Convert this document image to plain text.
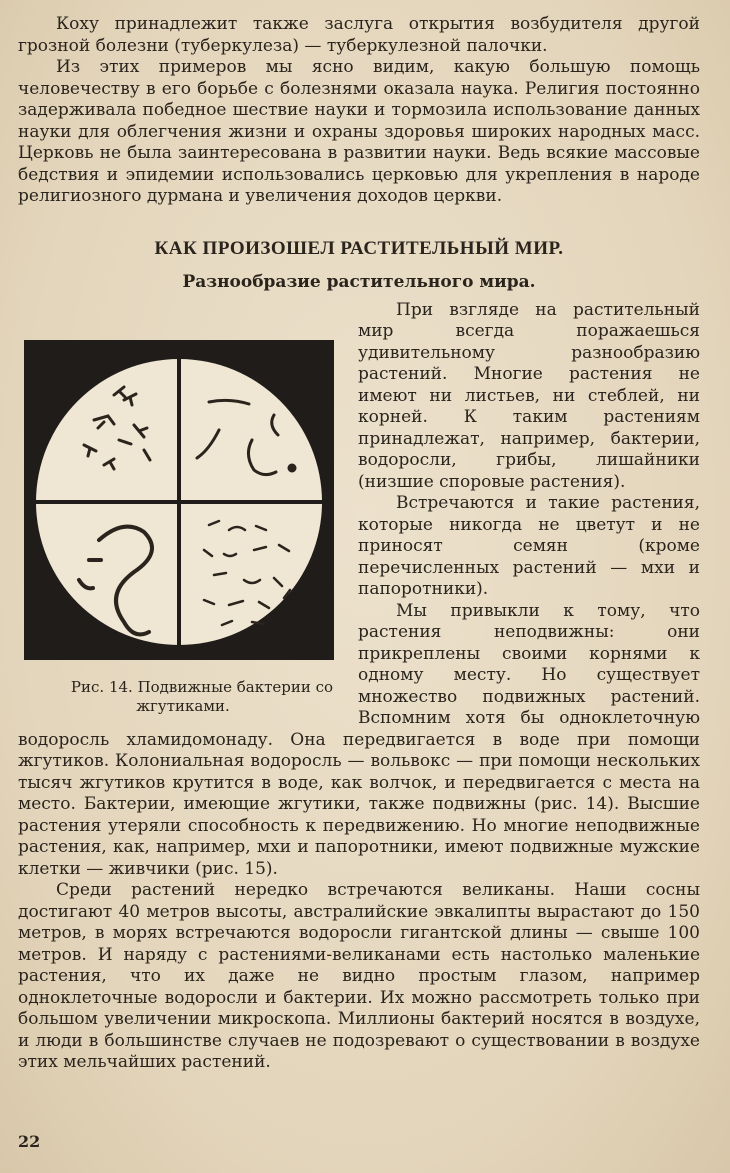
Коху принадлежит также заслуга открытия возбудителя другой грозной болезни (туберкулеза) — туберкулезной палочки.

Из этих примеров мы ясно видим, какую большую помощь человечеству в его борьбе с болезнями оказала наука. Религия постоянно задерживала победное шествие науки и тормозила использование данных науки для облегчения жизни и охраны здоровья широких народных масс. Церковь не была заинтересована в развитии науки. Ведь всякие массовые бедствия и эпидемии использовались церковью для укрепления в народе религиозного дурмана и увеличения доходов церкви.

КАК ПРОИЗОШЕЛ РАСТИТЕЛЬНЫЙ МИР.
Разнообразие растительного мира.

Рис. 14. Подвижные бактерии со жгутиками.
При взгляде на растительный мир всегда поражаешься удивительному разнообразию растений. Многие растения не имеют ни листьев, ни стеблей, ни корней. К таким растениям принадлежат, например, бактерии, водоросли, грибы, лишайники (низшие споровые растения).

Встречаются и такие растения, которые никогда не цветут и не приносят семян (кроме перечисленных растений — мхи и папоротники).

Мы привыкли к тому, что растения неподвижны: они прикреплены своими корнями к одному месту. Но существует множество подвижных растений. Вспомним хотя бы одноклеточную водоросль хламидомонаду. Она передвигается в воде при помощи жгутиков. Колониальная водоросль — вольвокс — при помощи нескольких тысяч жгутиков крутится в воде, как волчок, и передвигается с места на место. Бактерии, имеющие жгутики, также подвижны (рис. 14). Высшие растения утеряли способность к передвижению. Но многие неподвижные растения, как, например, мхи и папоротники, имеют подвижные мужские клетки — живчики (рис. 15).

Среди растений нередко встречаются великаны. Наши сосны достигают 40 метров высоты, австралийские эвкалипты вырастают до 150 метров, в морях встречаются водоросли гигантской длины — свыше 100 метров. И наряду с растениями-великанами есть настолько маленькие растения, что их даже не видно простым глазом, например одноклеточные водоросли и бактерии. Их можно рассмотреть только при большом увеличении микроскопа. Миллионы бактерий носятся в воздухе, и люди в большинстве случаев не подозревают о существовании в воздухе этих мельчайших растений.

22
